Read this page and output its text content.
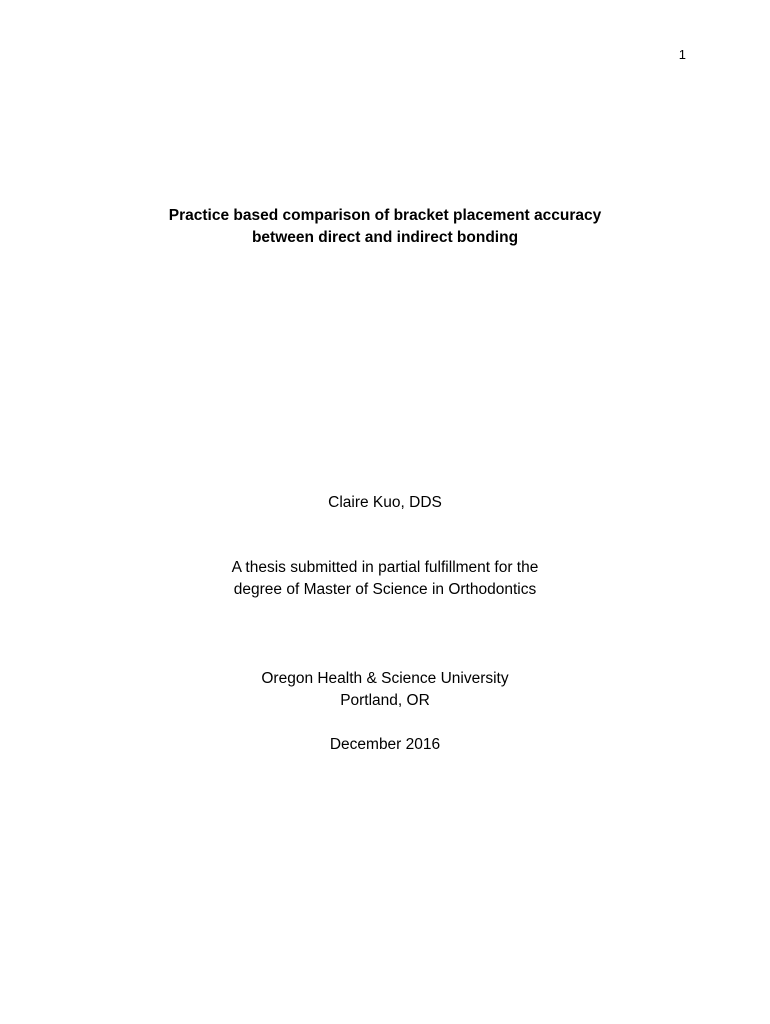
1
Practice based comparison of bracket placement accuracy
between direct and indirect bonding
Claire Kuo, DDS
A thesis submitted in partial fulfillment for the
degree of Master of Science in Orthodontics
Oregon Health & Science University
Portland, OR
December 2016
